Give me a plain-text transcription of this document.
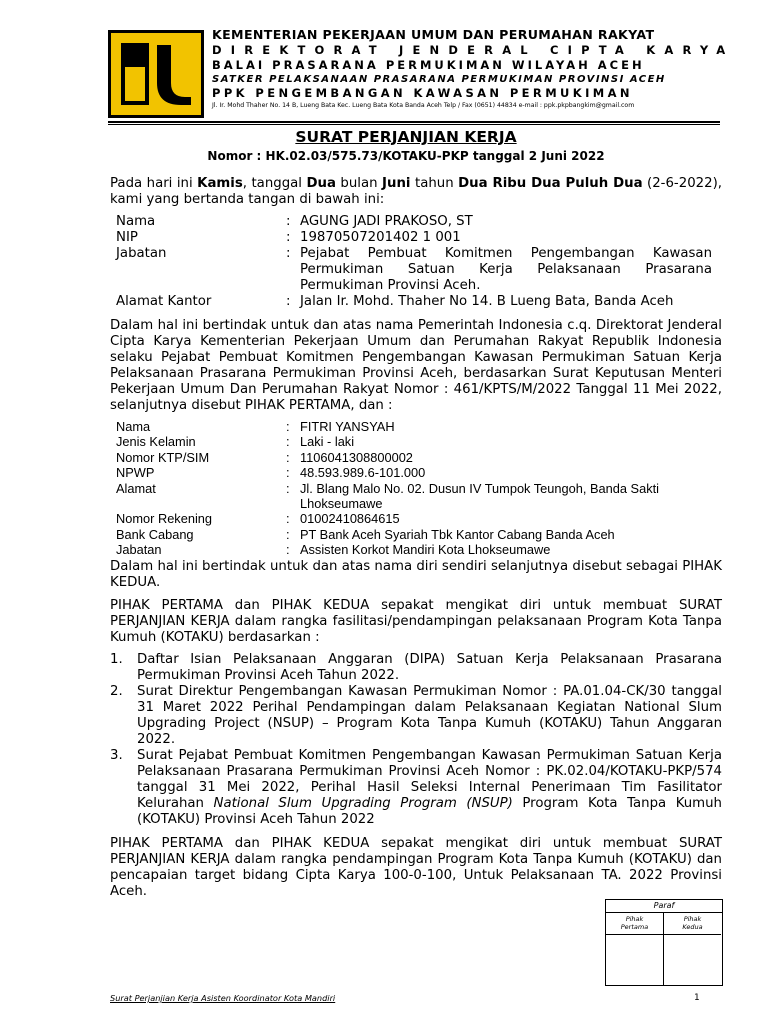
KEMENTERIAN PEKERJAAN UMUM DAN PERUMAHAN RAKYAT
DIREKTORAT JENDERAL CIPTA KARYA
BALAI PRASARANA PERMUKIMAN WILAYAH ACEH
SATKER PELAKSANAAN PRASARANA PERMUKIMAN PROVINSI ACEH
PPK PENGEMBANGAN KAWASAN PERMUKIMAN
Jl. Ir. Mohd Thaher No. 14 B, Lueng Bata Kec. Lueng Bata Kota Banda Aceh Telp / Fax (0651) 44834 e-mail : ppk.pkpbangkim@gmail.com
SURAT PERJANJIAN KERJA
Nomor : HK.02.03/575.73/KOTAKU-PKP tanggal 2 Juni 2022
Pada hari ini Kamis, tanggal Dua bulan Juni tahun Dua Ribu Dua Puluh Dua (2-6-2022), kami yang bertanda tangan di bawah ini:
Nama	:	AGUNG JADI PRAKOSO, ST
NIP	:	19870507201402 1 001
Jabatan	:	Pejabat Pembuat Komitmen Pengembangan Kawasan Permukiman Satuan Kerja Pelaksanaan Prasarana Permukiman Provinsi Aceh.
Alamat Kantor	:	Jalan Ir. Mohd. Thaher No 14. B Lueng Bata, Banda Aceh
Dalam hal ini bertindak untuk dan atas nama Pemerintah Indonesia c.q. Direktorat Jenderal Cipta Karya Kementerian Pekerjaan Umum dan Perumahan Rakyat Republik Indonesia selaku Pejabat Pembuat Komitmen Pengembangan Kawasan Permukiman Satuan Kerja Pelaksanaan Prasarana Permukiman Provinsi Aceh, berdasarkan Surat Keputusan Menteri Pekerjaan Umum Dan Perumahan Rakyat Nomor : 461/KPTS/M/2022 Tanggal 11 Mei 2022, selanjutnya disebut PIHAK PERTAMA, dan :
Nama	:	FITRI YANSYAH
Jenis Kelamin	:	Laki - laki
Nomor KTP/SIM	:	1106041308800002
NPWP	:	48.593.989.6-101.000
Alamat	:	Jl. Blang Malo No. 02. Dusun IV Tumpok Teungoh, Banda Sakti Lhokseumawe
Nomor Rekening	:	01002410864615
Bank Cabang	:	PT Bank Aceh Syariah Tbk Kantor Cabang Banda Aceh
Jabatan	:	Assisten Korkot Mandiri Kota Lhokseumawe
Dalam hal ini bertindak untuk dan atas nama diri sendiri selanjutnya disebut sebagai PIHAK KEDUA.
PIHAK PERTAMA dan PIHAK KEDUA sepakat mengikat diri untuk membuat SURAT PERJANJIAN KERJA dalam rangka fasilitasi/pendampingan pelaksanaan Program Kota Tanpa Kumuh (KOTAKU) berdasarkan :
1. Daftar Isian Pelaksanaan Anggaran (DIPA) Satuan Kerja Pelaksanaan Prasarana Permukiman Provinsi Aceh Tahun 2022.
2. Surat Direktur Pengembangan Kawasan Permukiman Nomor : PA.01.04-CK/30 tanggal        31 Maret 2022 Perihal Pendampingan dalam Pelaksanaan Kegiatan National Slum Upgrading Project (NSUP) – Program Kota Tanpa Kumuh (KOTAKU) Tahun Anggaran 2022.
3. Surat Pejabat Pembuat Komitmen Pengembangan Kawasan Permukiman Satuan Kerja Pelaksanaan Prasarana Permukiman Provinsi Aceh Nomor : PK.02.04/KOTAKU-PKP/574 tanggal 31 Mei 2022, Perihal Hasil Seleksi Internal Penerimaan Tim Fasilitator Kelurahan National Slum Upgrading Program (NSUP) Program Kota Tanpa Kumuh (KOTAKU) Provinsi Aceh Tahun 2022
PIHAK PERTAMA dan PIHAK KEDUA sepakat mengikat diri untuk membuat SURAT PERJANJIAN KERJA dalam rangka pendampingan Program Kota Tanpa Kumuh (KOTAKU) dan pencapaian target bidang Cipta Karya 100-0-100, Untuk Pelaksanaan TA. 2022 Provinsi Aceh.
Paraf
Pihak
Pertama
Pihak
Kedua
Surat Perjanjian Kerja Asisten Koordinator Kota Mandiri	1
